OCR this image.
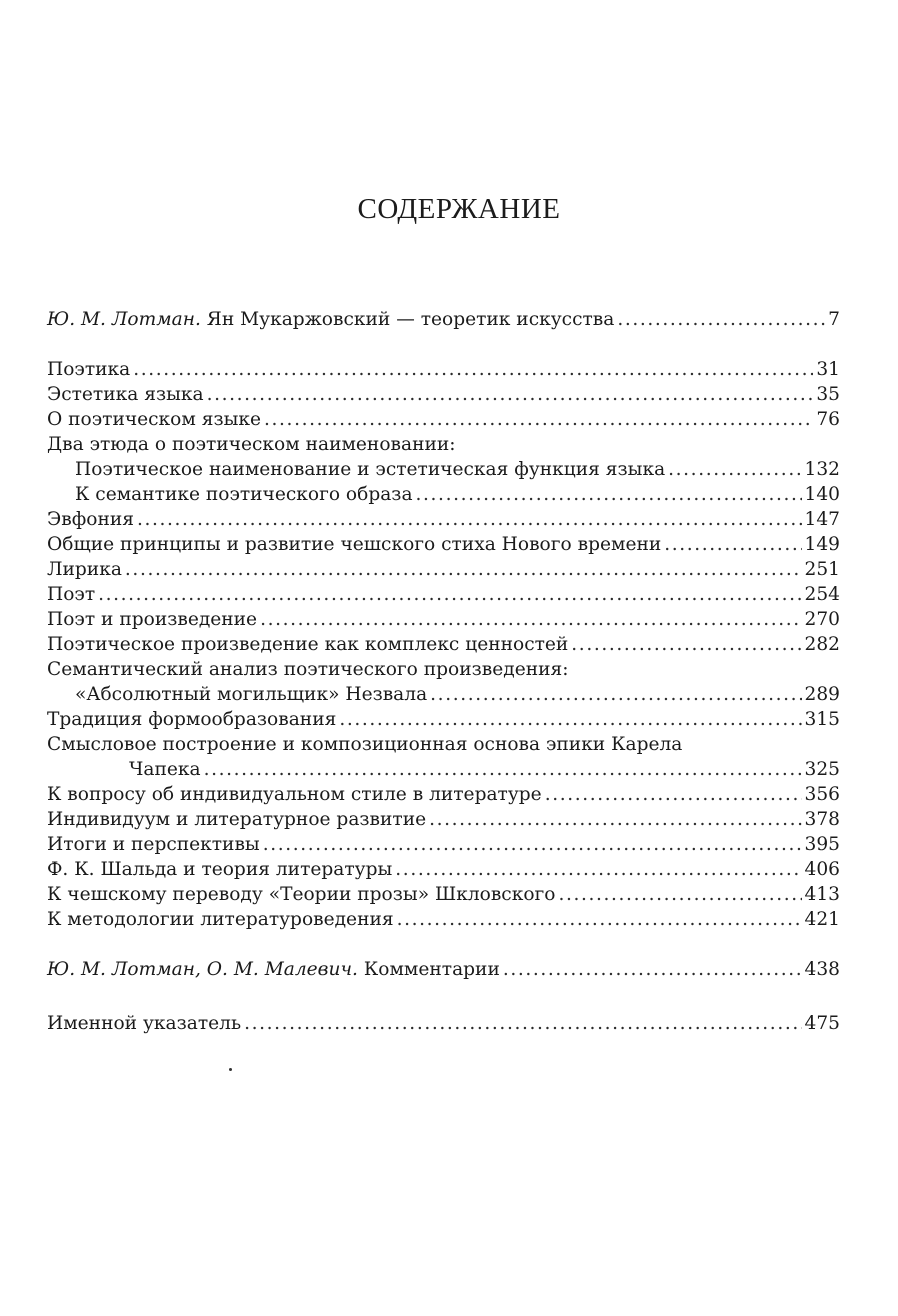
СОДЕРЖАНИЕ
Ю. М. Лотман. Ян Мукаржовский — теоретик искусства .....	7
Поэтика .....	31
Эстетика языка .....	35
О поэтическом языке .....	76
Два этюда о поэтическом наименовании:
Поэтическое наименование и эстетическая функция языка .....	132
К семантике поэтического образа .....	140
Эвфония .....	147
Общие принципы и развитие чешского стиха Нового времени .....	149
Лирика .....	251
Поэт .....	254
Поэт и произведение .....	270
Поэтическое произведение как комплекс ценностей .....	282
Семантический анализ поэтического произведения:
«Абсолютный могильщик» Незвала .....	289
Традиция формообразования .....	315
Смысловое построение и композиционная основа эпики Карела
Чапека .....	325
К вопросу об индивидуальном стиле в литературе .....	356
Индивидуум и литературное развитие .....	378
Итоги и перспективы .....	395
Ф. К. Шальда и теория литературы .....	406
К чешскому переводу «Теории прозы» Шкловского .....	413
К методологии литературоведения .....	421
Ю. М. Лотман, О. М. Малевич. Комментарии .....	438
Именной указатель .....	475
